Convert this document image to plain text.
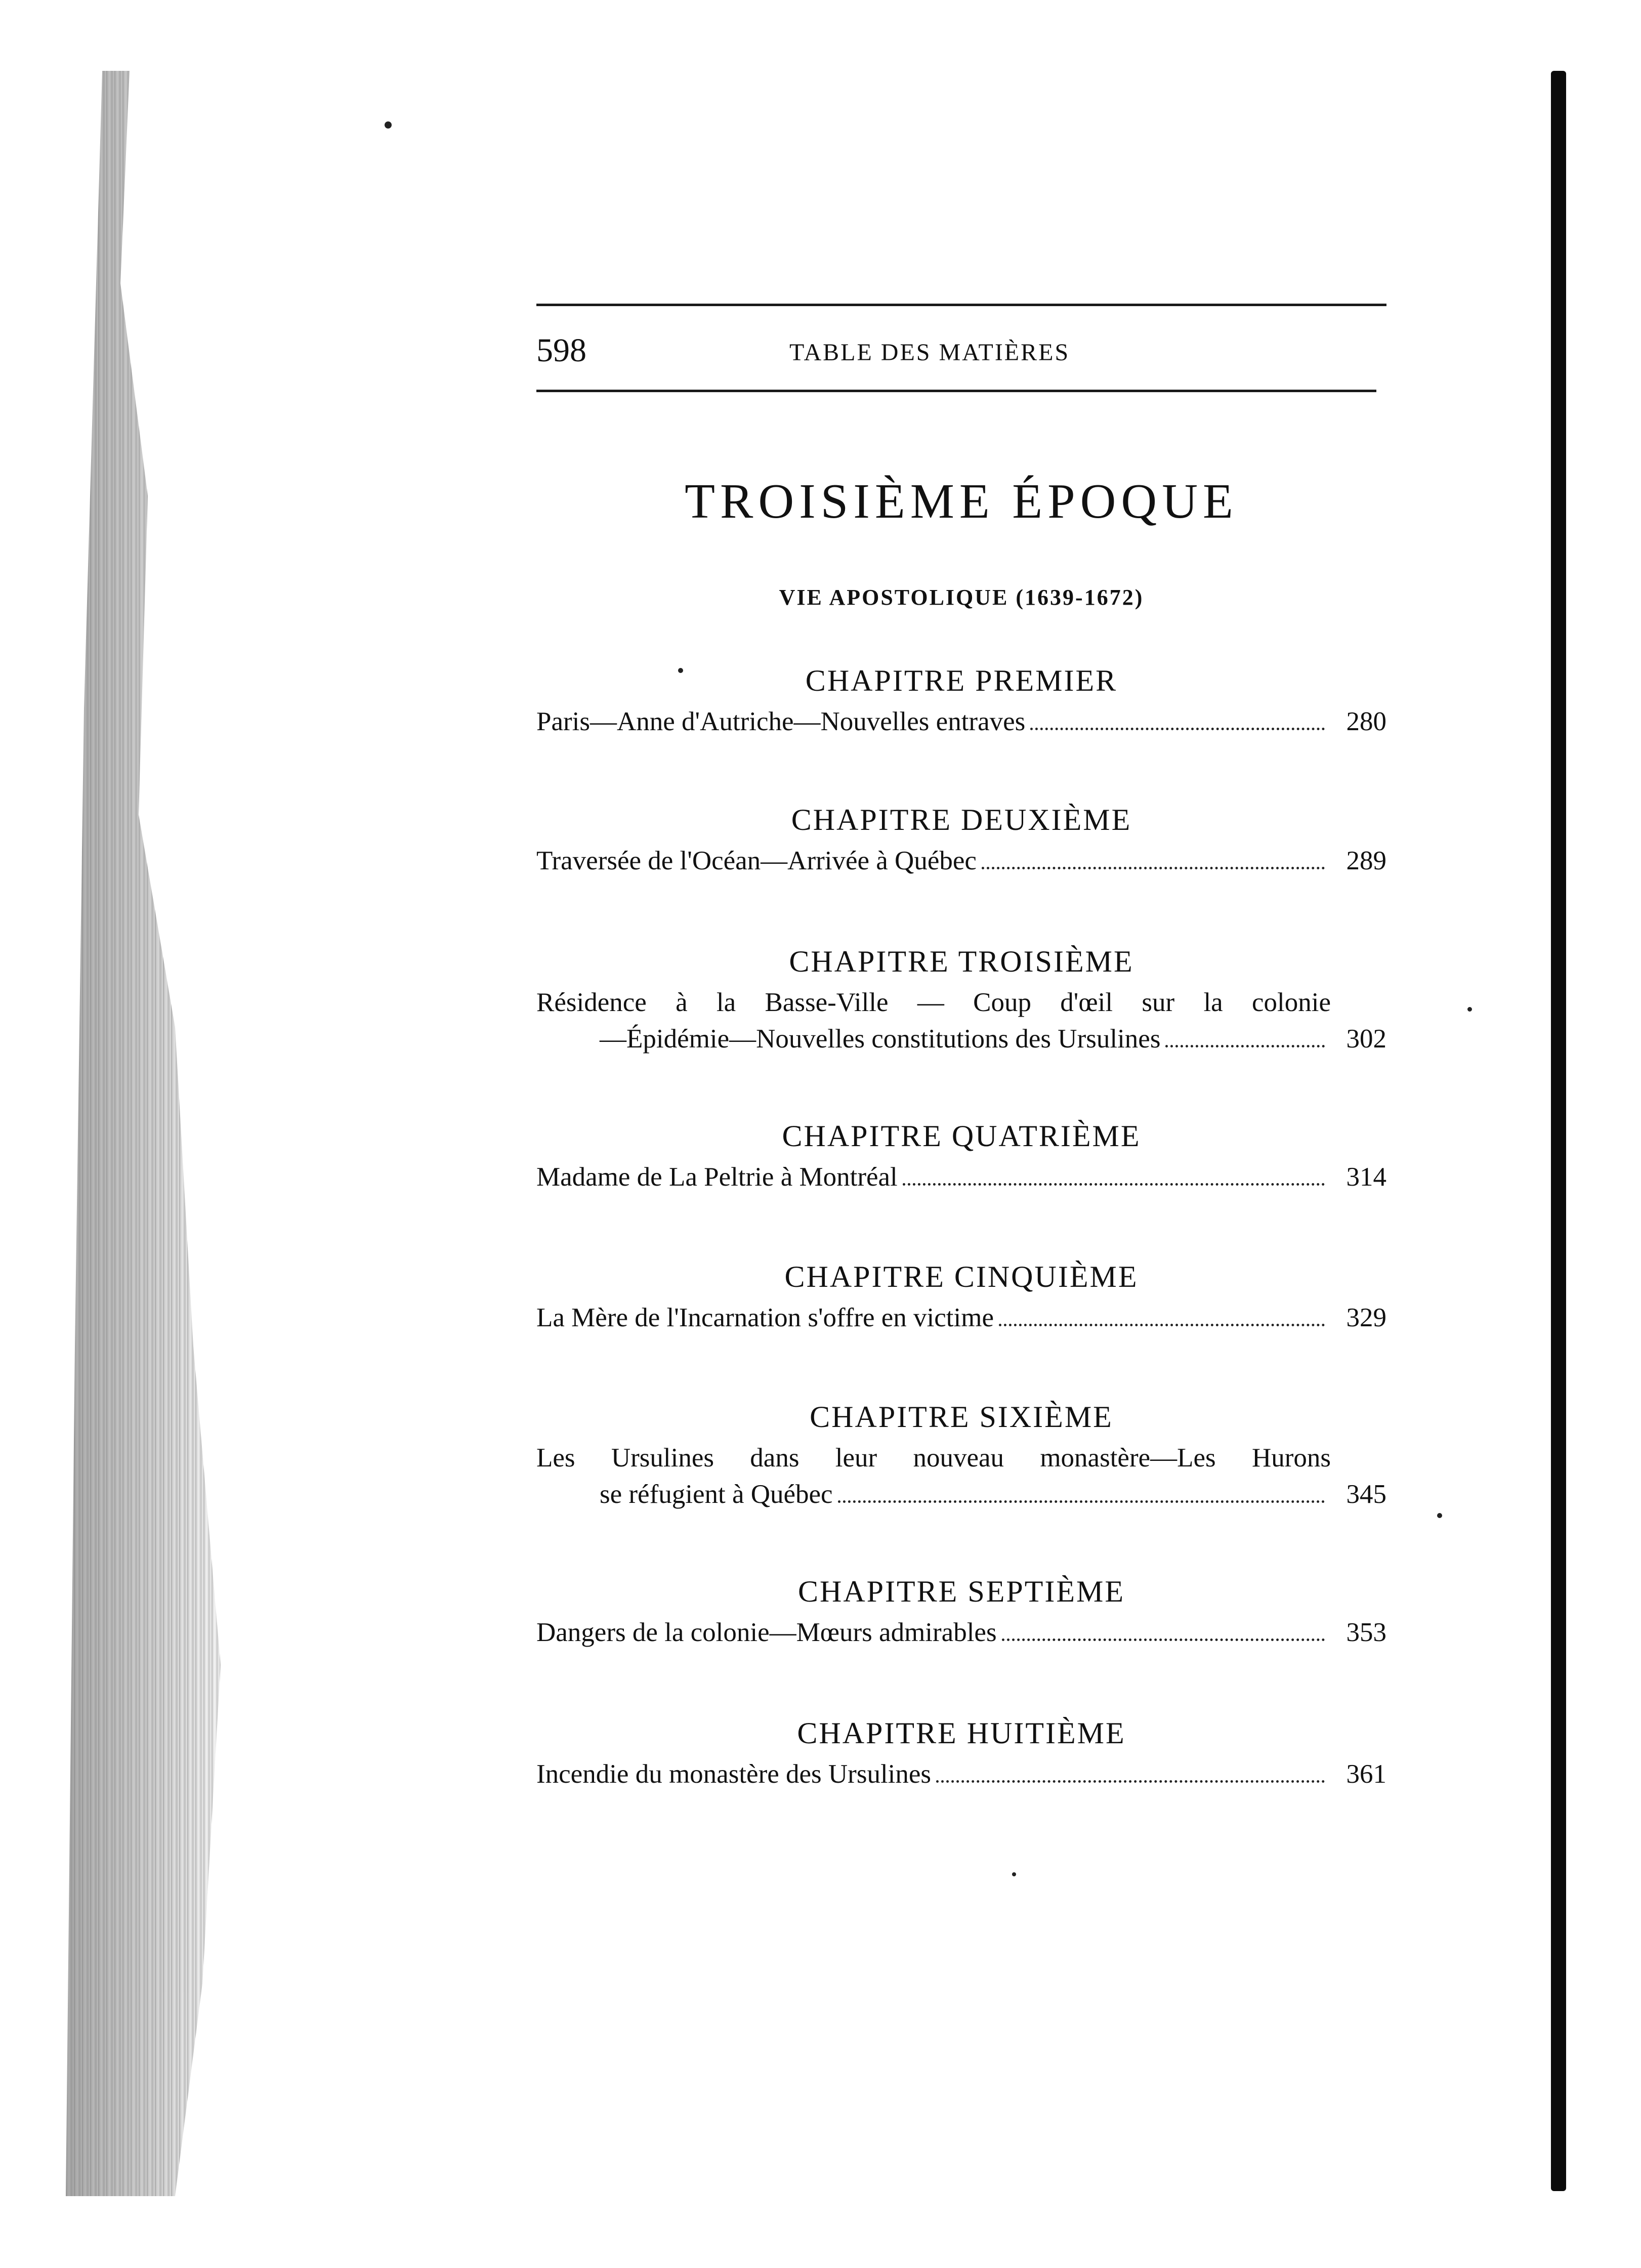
598	TABLE DES MATIÈRES
TROISIÈME ÉPOQUE
VIE APOSTOLIQUE (1639-1672)
CHAPITRE PREMIER
Paris—Anne d'Autriche—Nouvelles entraves	280
CHAPITRE DEUXIÈME
Traversée de l'Océan—Arrivée à Québec	289
CHAPITRE TROISIÈME
Résidence à la Basse-Ville — Coup d'œil sur la colonie
—Épidémie—Nouvelles constitutions des Ursulines	302
CHAPITRE QUATRIÈME
Madame de La Peltrie à Montréal	314
CHAPITRE CINQUIÈME
La Mère de l'Incarnation s'offre en victime	329
CHAPITRE SIXIÈME
Les Ursulines dans leur nouveau monastère—Les Hurons
se réfugient à Québec	345
CHAPITRE SEPTIÈME
Dangers de la colonie—Mœurs admirables	353
CHAPITRE HUITIÈME
Incendie du monastère des Ursulines	361
